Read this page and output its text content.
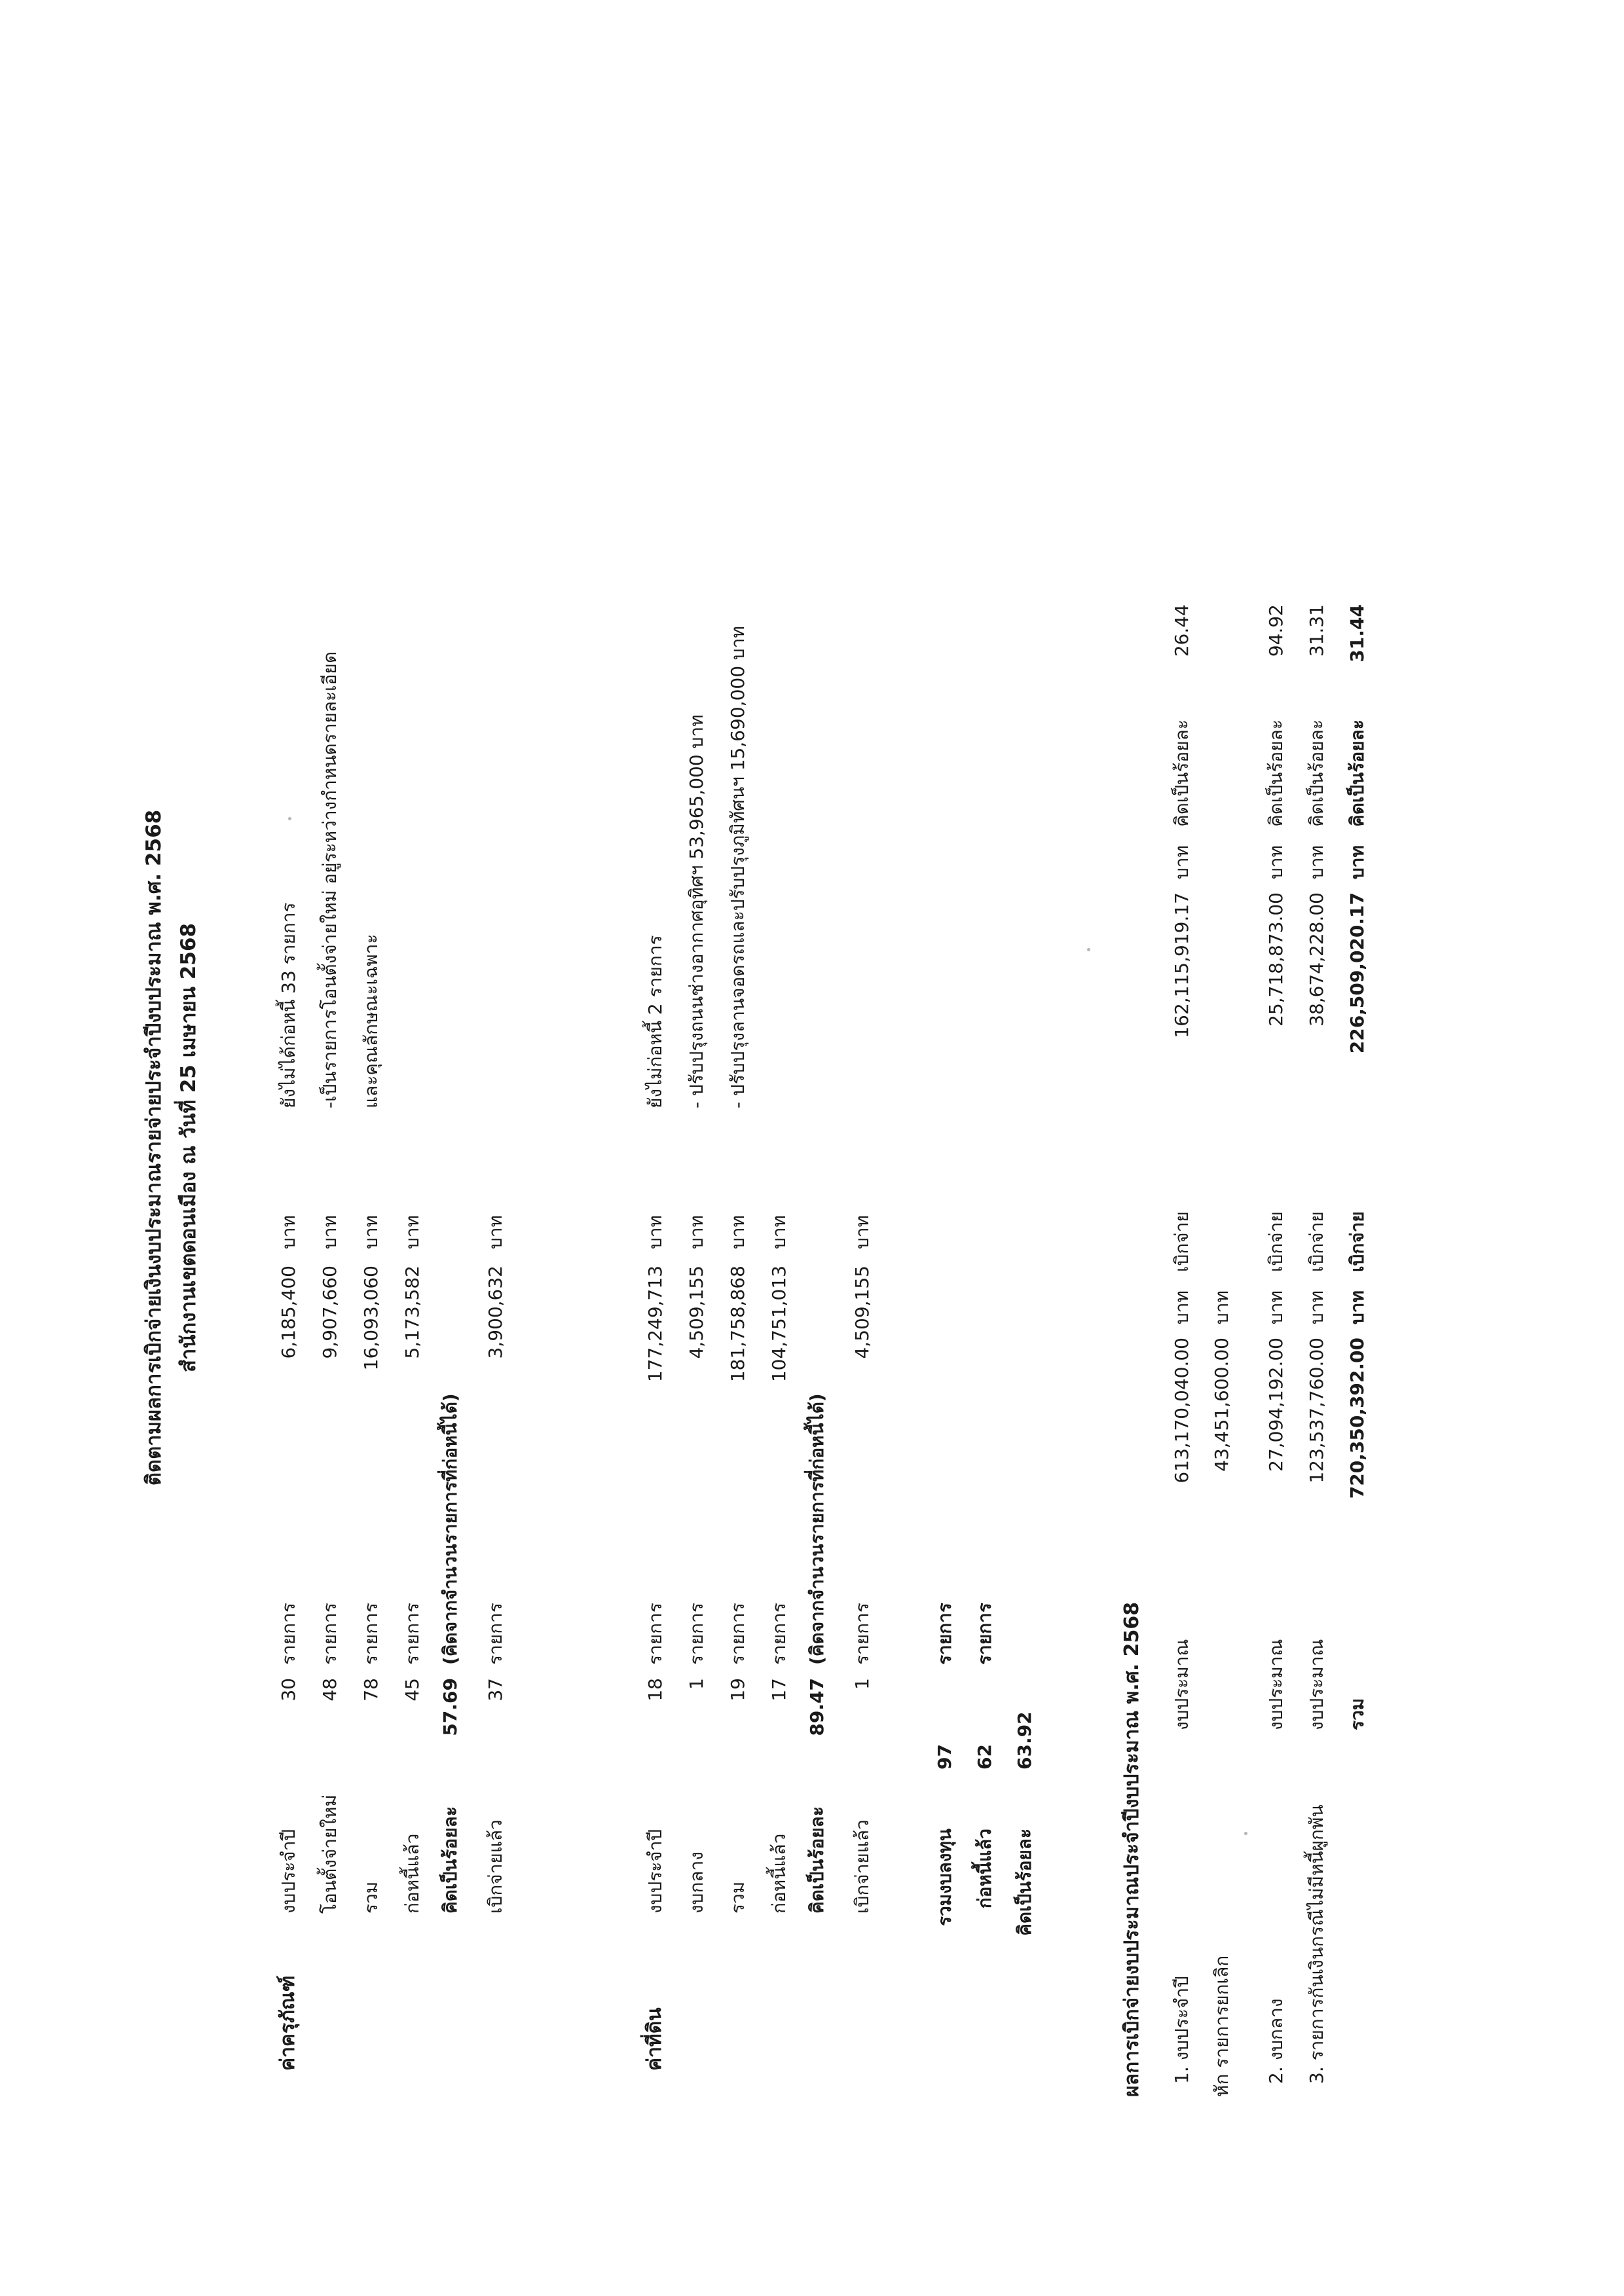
ติดตามผลการเบิกจ่ายเงินงบประมาณรายจ่ายประจำปีงบประมาณ พ.ศ. 2568 สำนักงานเขตดอนเมือง ณ วันที่ 25 เมษายน 2568
ค่าครุภัณฑ์
งบประจำปี
30
รายการ
6,185,400
บาท
โอนตั้งจ่ายใหม่
48
รายการ
9,907,660
บาท
รวม
78
รายการ
16,093,060
บาท
ก่อหนี้แล้ว
45
รายการ
5,173,582
บาท
คิดเป็นร้อยละ
57.69
(คิดจากจำนวนรายการที่ก่อหนี้ได้)
เบิกจ่ายแล้ว
37
รายการ
3,900,632
บาท
ยังไม่ได้ก่อหนี้ 33 รายการ -เป็นรายการโอนตั้งจ่ายใหม่ อยู่ระหว่างกำหนดรายละเอียด และคุณลักษณะเฉพาะ
ค่าที่ดิน
งบประจำปี
18
รายการ
177,249,713
บาท
งบกลาง
1
รายการ
4,509,155
บาท
รวม
19
รายการ
181,758,868
บาท
ก่อหนี้แล้ว
17
รายการ
104,751,013
บาท
คิดเป็นร้อยละ
89.47
(คิดจากจำนวนรายการที่ก่อหนี้ได้)
เบิกจ่ายแล้ว
1
รายการ
4,509,155
บาท
ยังไม่ก่อหนี้ 2 รายการ - ปรับปรุงถนนช่างอากาศอุทิศฯ 53,965,000 บาท - ปรับปรุงลานจอดรถและปรับปรุงภูมิทัศนฯ 15,690,000 บาท
รวมงบลงทุน
97
รายการ
ก่อหนี้แล้ว
62
รายการ
คิดเป็นร้อยละ
63.92	ผลการเบิกจ่ายงบประมาณประจำปีงบประมาณ พ.ศ. 2568 1. งบประจำปี
งบประมาณ
613,170,040.00
บาท
เบิกจ่าย
162,115,919.17
บาท
คิดเป็นร้อยละ
26.44
หัก รายการยกเลิก
43,451,600.00
บาท
2. งบกลาง
งบประมาณ
27,094,192.00
บาท
เบิกจ่าย
25,718,873.00
บาท
คิดเป็นร้อยละ
94.92
3. รายการกันเงินกรณีไม่มีหนี้ผูกพัน
งบประมาณ
123,537,760.00
บาท
เบิกจ่าย
38,674,228.00
บาท
คิดเป็นร้อยละ
31.31
รวม
720,350,392.00
บาท
เบิกจ่าย
226,509,020.17
บาท
คิดเป็นร้อยละ
31.44
